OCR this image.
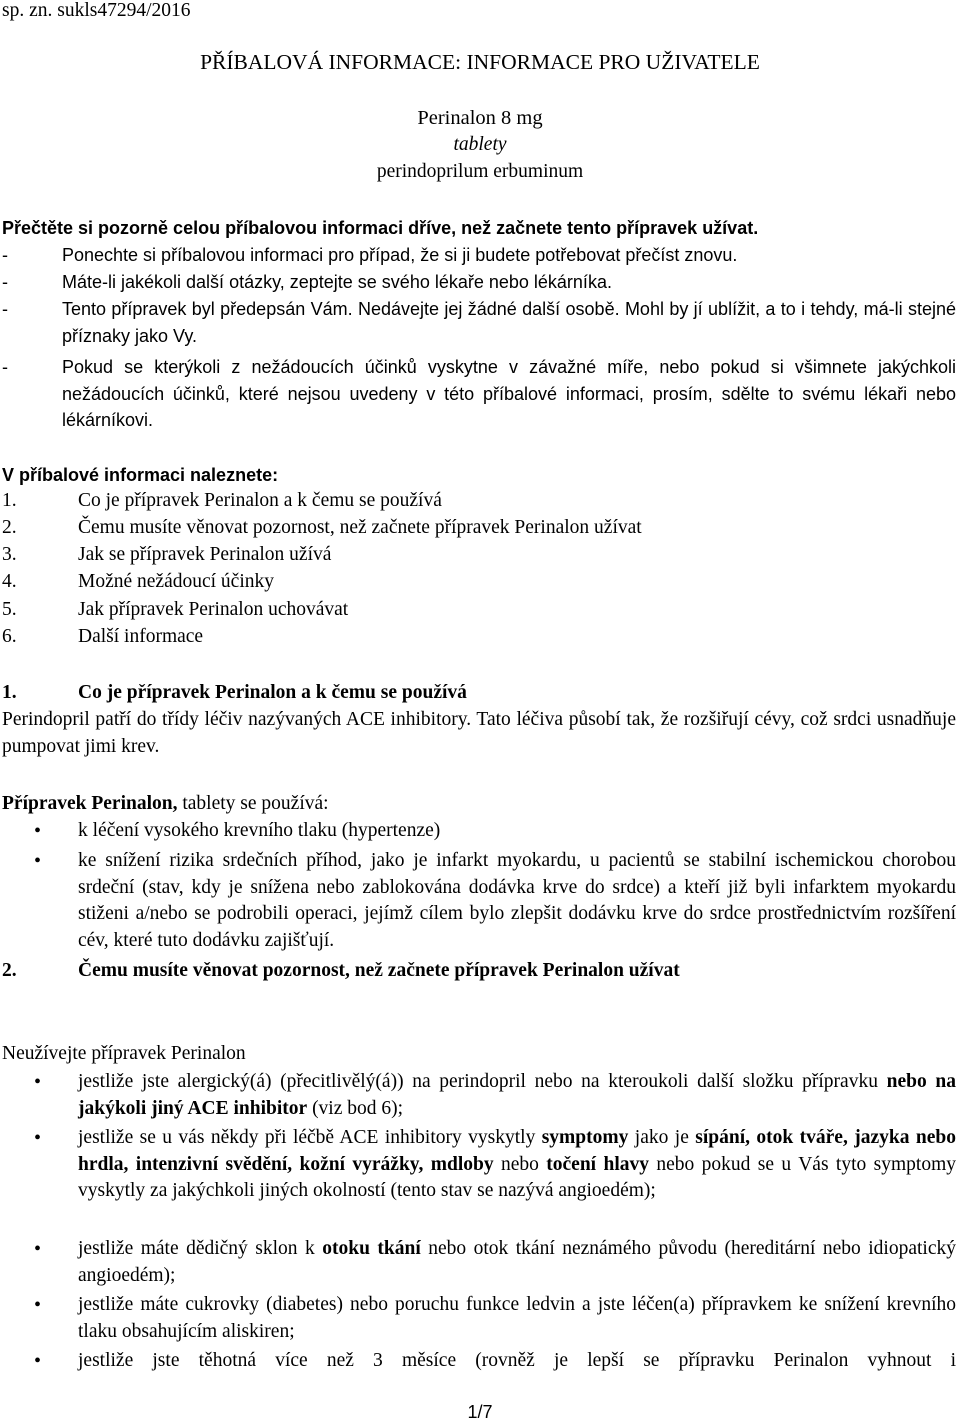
sp. zn. sukls47294/2016
PŘÍBALOVÁ INFORMACE: INFORMACE PRO UŽIVATELE
Perinalon 8 mg
tablety
perindoprilum erbuminum
Přečtěte si pozorně celou příbalovou informaci dříve, než začnete tento přípravek užívat.
-	Ponechte si příbalovou informaci pro případ, že si ji budete potřebovat přečíst znovu.
-	Máte-li jakékoli další otázky, zeptejte se svého lékaře nebo lékárníka.
-	Tento přípravek byl předepsán Vám. Nedávejte jej žádné další osobě. Mohl by jí ublížit, a to i tehdy, má-li stejné příznaky jako Vy.
-	Pokud se kterýkoli z nežádoucích účinků vyskytne v závažné míře, nebo pokud si všimnete jakýchkoli nežádoucích účinků, které nejsou uvedeny v této příbalové informaci, prosím, sdělte to svému lékaři nebo lékárníkovi.
V příbalové informaci naleznete:
1.	Co je přípravek Perinalon a k čemu se používá
2.	Čemu musíte věnovat pozornost, než začnete přípravek Perinalon užívat
3.	Jak se přípravek Perinalon užívá
4.	Možné nežádoucí účinky
5.	Jak přípravek Perinalon uchovávat
6.	Další informace
1.	Co je přípravek Perinalon a k čemu se používá
Perindopril patří do třídy léčiv nazývaných ACE inhibitory. Tato léčiva působí tak, že rozšiřují cévy, což srdci usnadňuje pumpovat jimi krev.
Přípravek Perinalon, tablety se používá:
• k léčení vysokého krevního tlaku (hypertenze)
• ke snížení rizika srdečních příhod, jako je infarkt myokardu, u pacientů se stabilní ischemickou chorobou srdeční (stav, kdy je snížena nebo zablokována dodávka krve do srdce) a kteří již byli infarktem myokardu stiženi a/nebo se podrobili operaci, jejímž cílem bylo zlepšit dodávku krve do srdce prostřednictvím rozšíření cév, které tuto dodávku zajišťují.
2.	Čemu musíte věnovat pozornost, než začnete přípravek Perinalon užívat
Neužívejte přípravek Perinalon
• jestliže jste alergický(á) (přecitlivělý(á)) na perindopril nebo na kteroukoli další složku přípravku nebo na jakýkoli jiný ACE inhibitor (viz bod 6);
• jestliže se u vás někdy při léčbě ACE inhibitory vyskytly symptomy jako je sípání, otok tváře, jazyka nebo hrdla, intenzivní svědění, kožní vyrážky, mdloby nebo točení hlavy nebo pokud se u Vás tyto symptomy vyskytly za jakýchkoli jiných okolností (tento stav se nazývá angioedém);
• jestliže máte dědičný sklon k otoku tkání nebo otok tkání neznámého původu (hereditární nebo idiopatický angioedém);
• jestliže máte cukrovky (diabetes) nebo poruchu funkce ledvin a jste léčen(a) přípravkem ke snížení krevního tlaku obsahujícím aliskiren;
• jestliže jste těhotná více než 3 měsíce (rovněž je lepší se přípravku Perinalon vyhnout i
1/7
